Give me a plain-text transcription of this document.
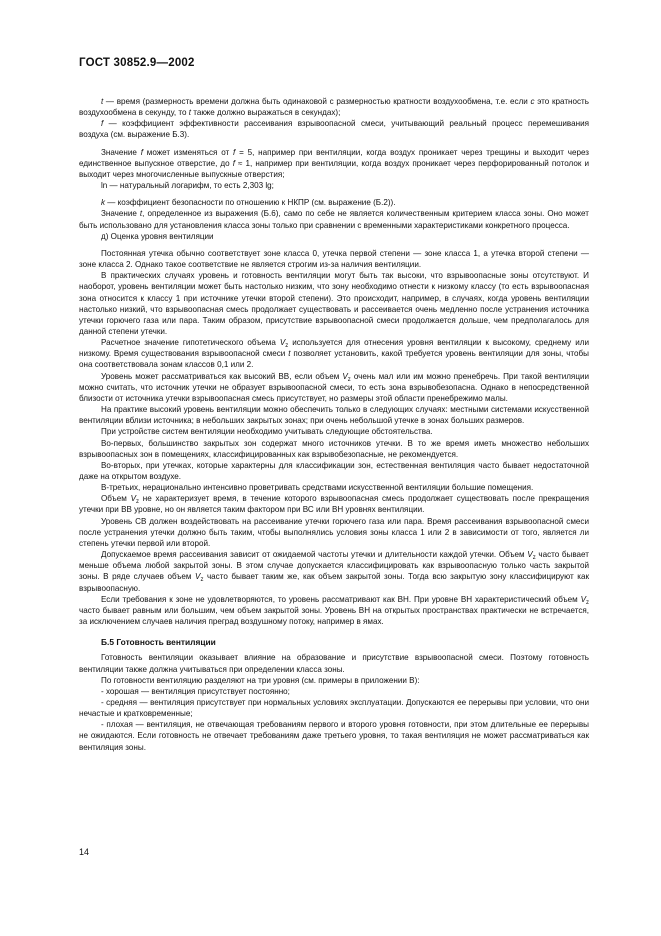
ГОСТ 30852.9—2002

t — время (размерность времени должна быть одинаковой с размерностью кратности воздухообмена, т.е. если с это кратность воздухообмена в секунду, то t также должно выражаться в секундах);

f — коэффициент эффективности рассеивания взрывоопасной смеси, учитывающий реальный процесс перемешивания воздуха (см. выражение Б.3).

Значение f может изменяться от f = 5, например при вентиляции, когда воздух проникает через трещины и выходит через единственное выпускное отверстие, до f ≈ 1, например при вентиляции, когда воздух проникает через перфорированный потолок и выходит через многочисленные выпускные отверстия;

ln — натуральный логарифм, то есть 2,303 lg;

k — коэффициент безопасности по отношению к НКПР (см. выражение (Б.2)).

Значение t, определенное из выражения (Б.6), само по себе не является количественным критерием класса зоны. Оно может быть использовано для установления класса зоны только при сравнении с временными характеристиками конкретного процесса.

д) Оценка уровня вентиляции

Постоянная утечка обычно соответствует зоне класса 0, утечка первой степени — зоне класса 1, а утечка второй степени — зоне класса 2. Однако такое соответствие не является строгим из-за наличия вентиляции.

В практических случаях уровень и готовность вентиляции могут быть так высоки, что взрывоопасные зоны отсутствуют. И наоборот, уровень вентиляции может быть настолько низким, что зону необходимо отнести к низкому классу (то есть взрывоопасная зона относится к классу 1 при источнике утечки второй степени). Это происходит, например, в случаях, когда уровень вентиляции настолько низкий, что взрывоопасная смесь продолжает существовать и рассеивается очень медленно после устранения источника утечки горючего газа или пара. Таким образом, присутствие взрывоопасной смеси продолжается дольше, чем предполагалось для данной степени утечки.

Расчетное значение гипотетического объема $V_z$ используется для отнесения уровня вентиляции к высокому, среднему или низкому. Время существования взрывоопасной смеси t позволяет установить, какой требуется уровень вентиляции для зоны, чтобы она соответствовала зонам классов 0,1 или 2.

Уровень может рассматриваться как высокий ВВ, если объем $V_z$ очень мал или им можно пренебречь. При такой вентиляции можно считать, что источник утечки не образует взрывоопасной смеси, то есть зона взрывобезопасна. Однако в непосредственной близости от источника утечки взрывоопасная смесь присутствует, но размеры этой области пренебрежимо малы.

На практике высокий уровень вентиляции можно обеспечить только в следующих случаях: местными системами искусственной вентиляции вблизи источника; в небольших закрытых зонах; при очень небольшой утечке в зонах больших размеров.

При устройстве систем вентиляции необходимо учитывать следующие обстоятельства.

Во-первых, большинство закрытых зон содержат много источников утечки. В то же время иметь множество небольших взрывоопасных зон в помещениях, классифицированных как взрывобезопасные, не рекомендуется.

Во-вторых, при утечках, которые характерны для классификации зон, естественная вентиляция часто бывает недостаточной даже на открытом воздухе.

В-третьих, нерационально интенсивно проветривать средствами искусственной вентиляции большие помещения.

Объем $V_z$ не характеризует время, в течение которого взрывоопасная смесь продолжает существовать после прекращения утечки при ВВ уровне, но он является таким фактором при ВС или ВН уровнях вентиляции.

Уровень СВ должен воздействовать на рассеивание утечки горючего газа или пара. Время рассеивания взрывоопасной смеси после устранения утечки должно быть таким, чтобы выполнялись условия зоны класса 1 или 2 в зависимости от того, является ли степень утечки первой или второй.

Допускаемое время рассеивания зависит от ожидаемой частоты утечки и длительности каждой утечки. Объем $V_z$ часто бывает меньше объема любой закрытой зоны. В этом случае допускается классифицировать как взрывоопасную только часть закрытой зоны. В ряде случаев объем $V_z$ часто бывает таким же, как объем закрытой зоны. Тогда всю закрытую зону классифицируют как взрывоопасную.

Если требования к зоне не удовлетворяются, то уровень рассматривают как ВН. При уровне ВН характеристический объем $V_z$ часто бывает равным или большим, чем объем закрытой зоны. Уровень ВН на открытых пространствах практически не встречается, за исключением случаев наличия преград воздушному потоку, например в ямах.

Б.5 Готовность вентиляции

Готовность вентиляции оказывает влияние на образование и присутствие взрывоопасной смеси. Поэтому готовность вентиляции также должна учитываться при определении класса зоны.

По готовности вентиляцию разделяют на три уровня (см. примеры в приложении В):

- хорошая — вентиляция присутствует постоянно;

- средняя — вентиляция присутствует при нормальных условиях эксплуатации. Допускаются ее перерывы при условии, что они нечастые и кратковременные;

- плохая — вентиляция, не отвечающая требованиям первого и второго уровня готовности, при этом длительные ее перерывы не ожидаются. Если готовность не отвечает требованиям даже третьего уровня, то такая вентиляция не может рассматриваться как вентиляция зоны.

14
